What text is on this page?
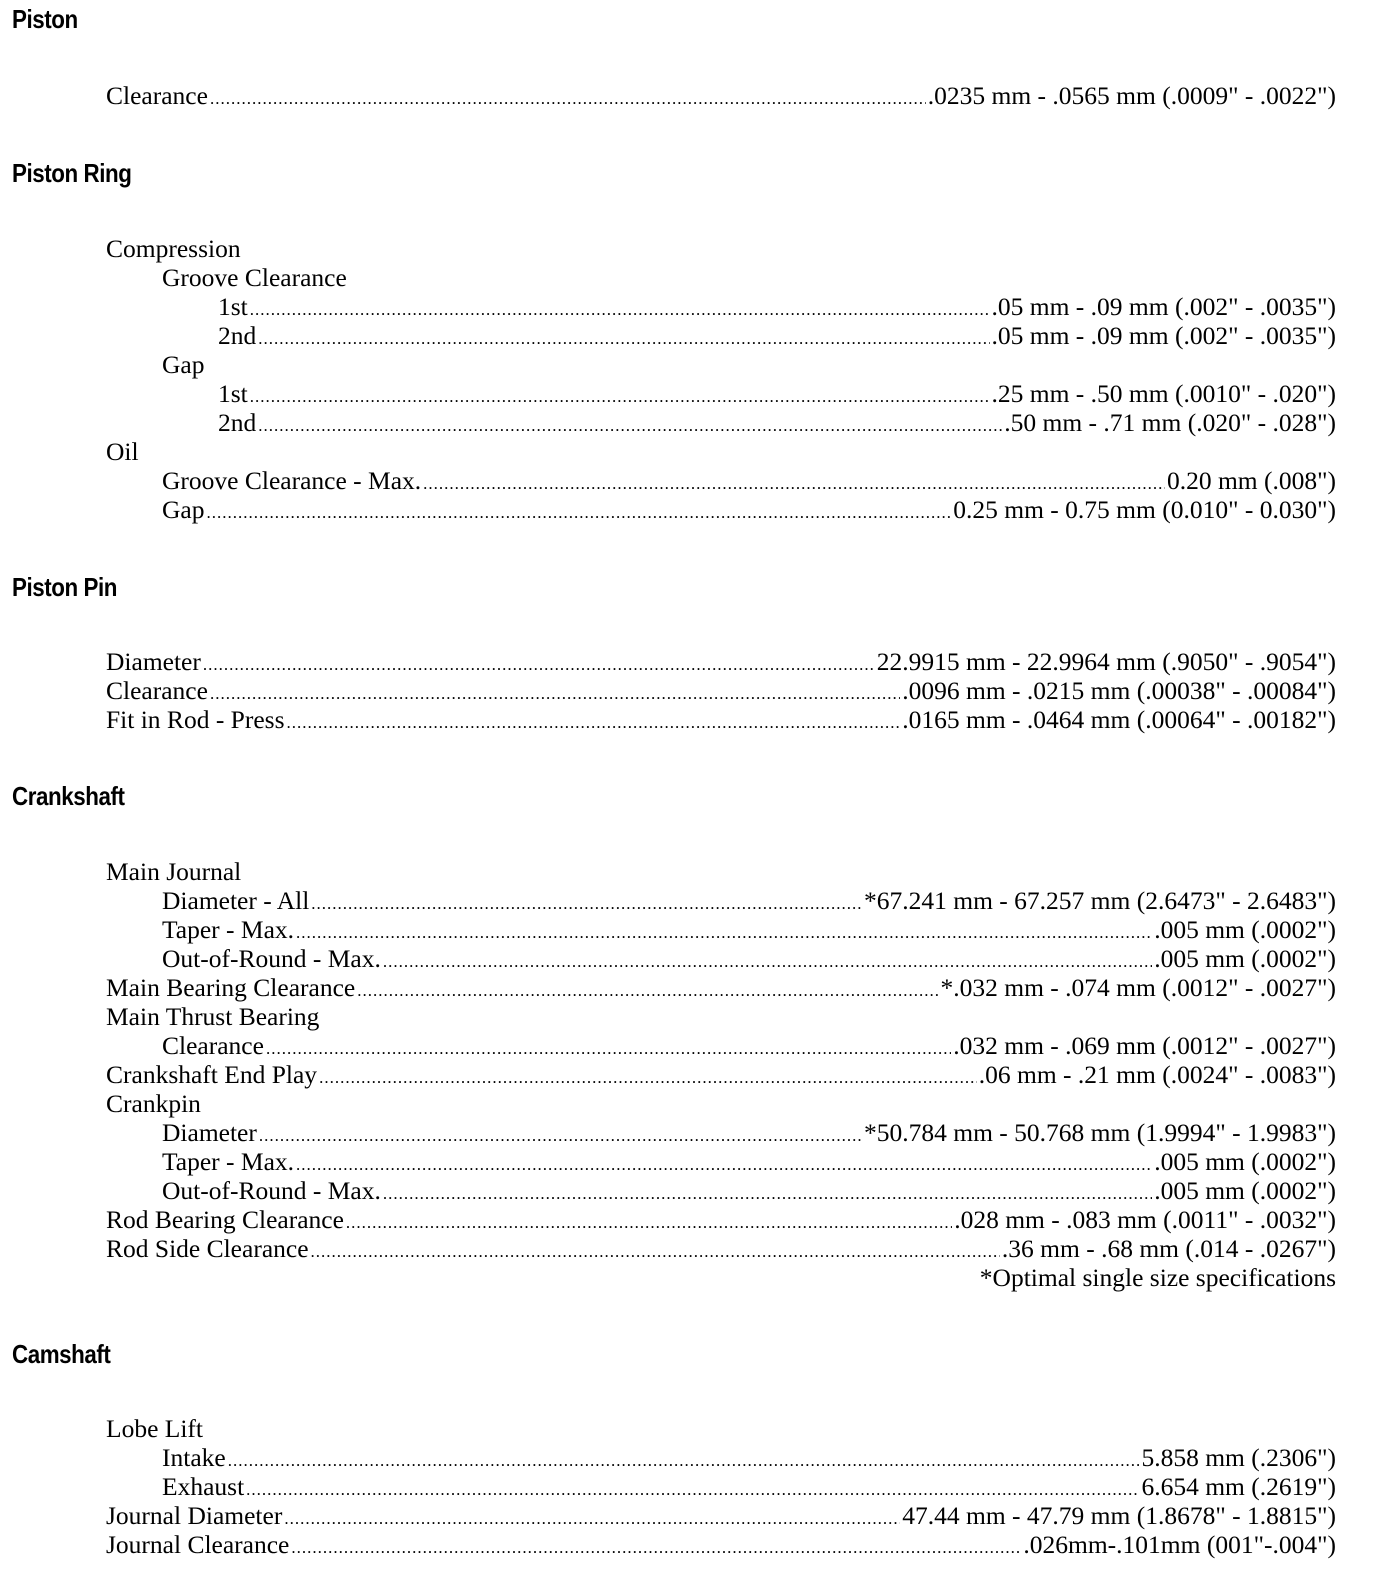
Piston
Clearance .....	.0235 mm - .0565 mm (.0009" - .0022")
Piston Ring
Compression
Groove Clearance
1st .....	.05 mm - .09 mm (.002" - .0035")
2nd .....	.05 mm - .09 mm (.002" - .0035")
Gap
1st .....	.25 mm - .50 mm (.0010" - .020")
2nd .....	.50 mm - .71 mm (.020" - .028")
Oil
Groove Clearance - Max. .....	0.20 mm (.008")
Gap .....	0.25 mm - 0.75 mm (0.010" - 0.030")
Piston Pin
Diameter .....	22.9915 mm - 22.9964 mm (.9050" - .9054")
Clearance .....	.0096 mm - .0215 mm (.00038" - .00084")
Fit in Rod - Press .....	.0165 mm - .0464 mm (.00064" - .00182")
Crankshaft
Main Journal
Diameter - All .....	*67.241 mm - 67.257 mm (2.6473" - 2.6483")
Taper - Max. .....	.005 mm (.0002")
Out-of-Round - Max. .....	.005 mm (.0002")
Main Bearing Clearance .....	*.032 mm - .074 mm (.0012" - .0027")
Main Thrust Bearing
Clearance .....	.032 mm - .069 mm (.0012" - .0027")
Crankshaft End Play .....	.06 mm - .21 mm (.0024" - .0083")
Crankpin
Diameter .....	*50.784 mm - 50.768 mm (1.9994" - 1.9983")
Taper - Max. .....	.005 mm (.0002")
Out-of-Round - Max. .....	.005 mm (.0002")
Rod Bearing Clearance .....	.028 mm - .083 mm (.0011" - .0032")
Rod Side Clearance .....	.36 mm - .68 mm (.014 - .0267")
*Optimal single size specifications
Camshaft
Lobe Lift
Intake .....	5.858 mm (.2306")
Exhaust .....	6.654 mm (.2619")
Journal Diameter .....	47.44 mm - 47.79 mm (1.8678" - 1.8815")
Journal Clearance .....	.026mm-.101mm (001"-.004")
